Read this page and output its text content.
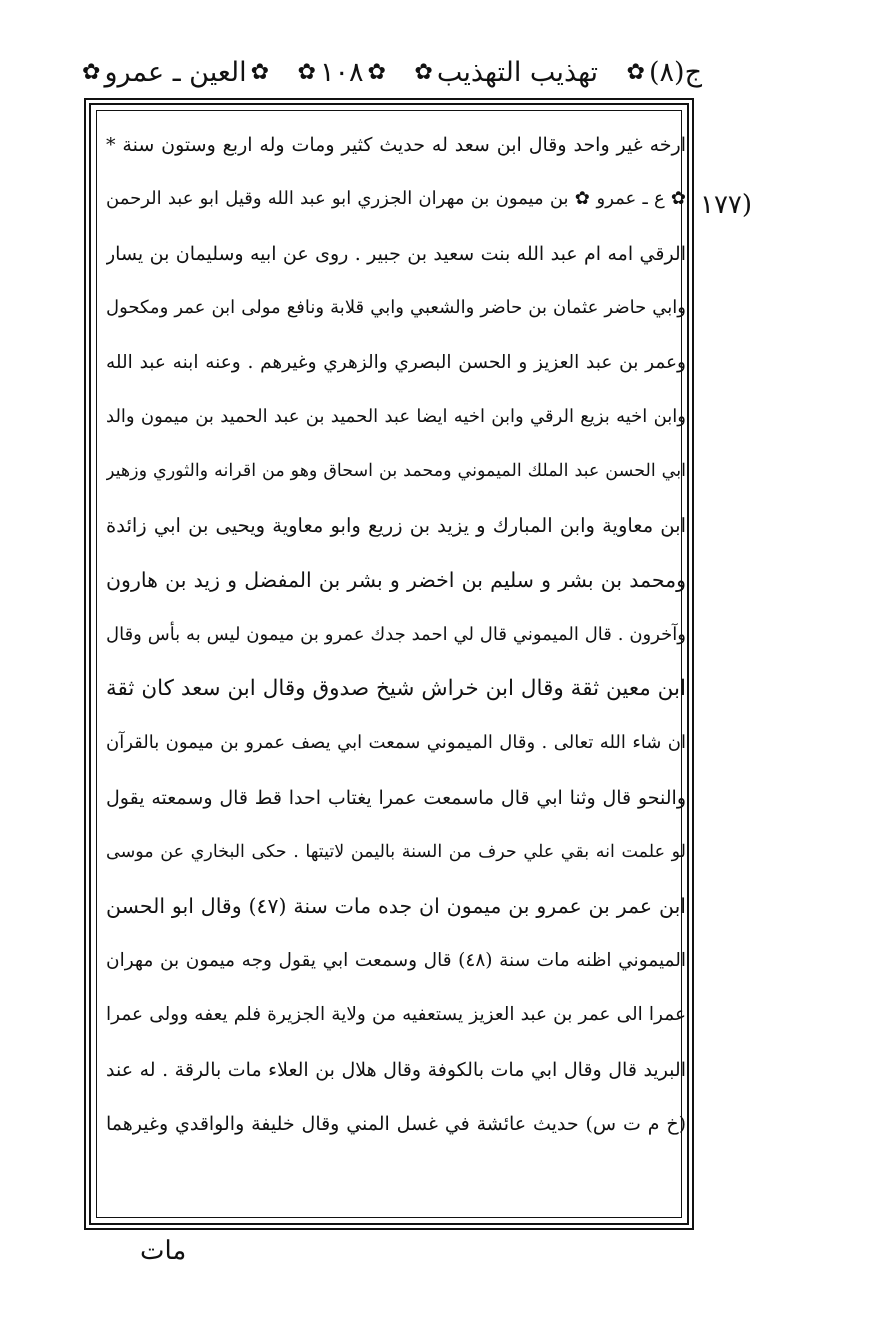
ج(٨)
✿
تهذيب التهذيب
✿
✿
١٠٨
✿
✿
العين ـ عمرو
✿
(١٧٧
ارخه غير واحد وقال ابن سعد له حديث كثير ومات وله اربع وستون سنة *
✿ ع ـ عمرو ✿ بن ميمون بن مهران الجزري ابو عبد الله وقيل ابو عبد الرحمن
الرقي امه ام عبد الله بنت سعيد بن جبير . روى عن ابيه وسليمان بن يسار
وابي حاضر عثمان بن حاضر والشعبي وابي قلابة ونافع مولى ابن عمر ومكحول
وعمر بن عبد العزيز و الحسن البصري والزهري وغيرهم . وعنه ابنه عبد الله
وابن اخيه بزيع الرقي وابن اخيه ايضا عبد الحميد بن عبد الحميد بن ميمون والد
ابي الحسن عبد الملك الميموني ومحمد بن اسحاق وهو من اقرانه والثوري وزهير
ابن معاوية وابن المبارك و يزيد بن زريع وابو معاوية ويحيى بن ابي زائدة
ومحمد بن بشر و سليم بن اخضر و بشر بن المفضل و زيد بن هارون
وآخرون . قال الميموني قال لي احمد جدك عمرو بن ميمون ليس به بأس وقال
ابن معين ثقة وقال ابن خراش شيخ صدوق وقال ابن سعد كان ثقة
ان شاء الله تعالى . وقال الميموني سمعت ابي يصف عمرو بن ميمون بالقرآن
والنحو قال وثنا ابي قال ماسمعت عمرا يغتاب احدا قط قال وسمعته يقول
لو علمت انه بقي علي حرف من السنة باليمن لاتيتها . حكى البخاري عن موسى
ابن عمر بن عمرو بن ميمون ان جده مات سنة (٤٧) وقال ابو الحسن
الميموني اظنه مات سنة (٤٨) قال وسمعت ابي يقول وجه ميمون بن مهران
عمرا الى عمر بن عبد العزيز يستعفيه من ولاية الجزيرة فلم يعفه وولى عمرا
البريد قال وقال ابي مات بالكوفة وقال هلال بن العلاء مات بالرقة . له عند
(خ م ت س) حديث عائشة في غسل المني وقال خليفة والواقدي وغيرهما
مات
